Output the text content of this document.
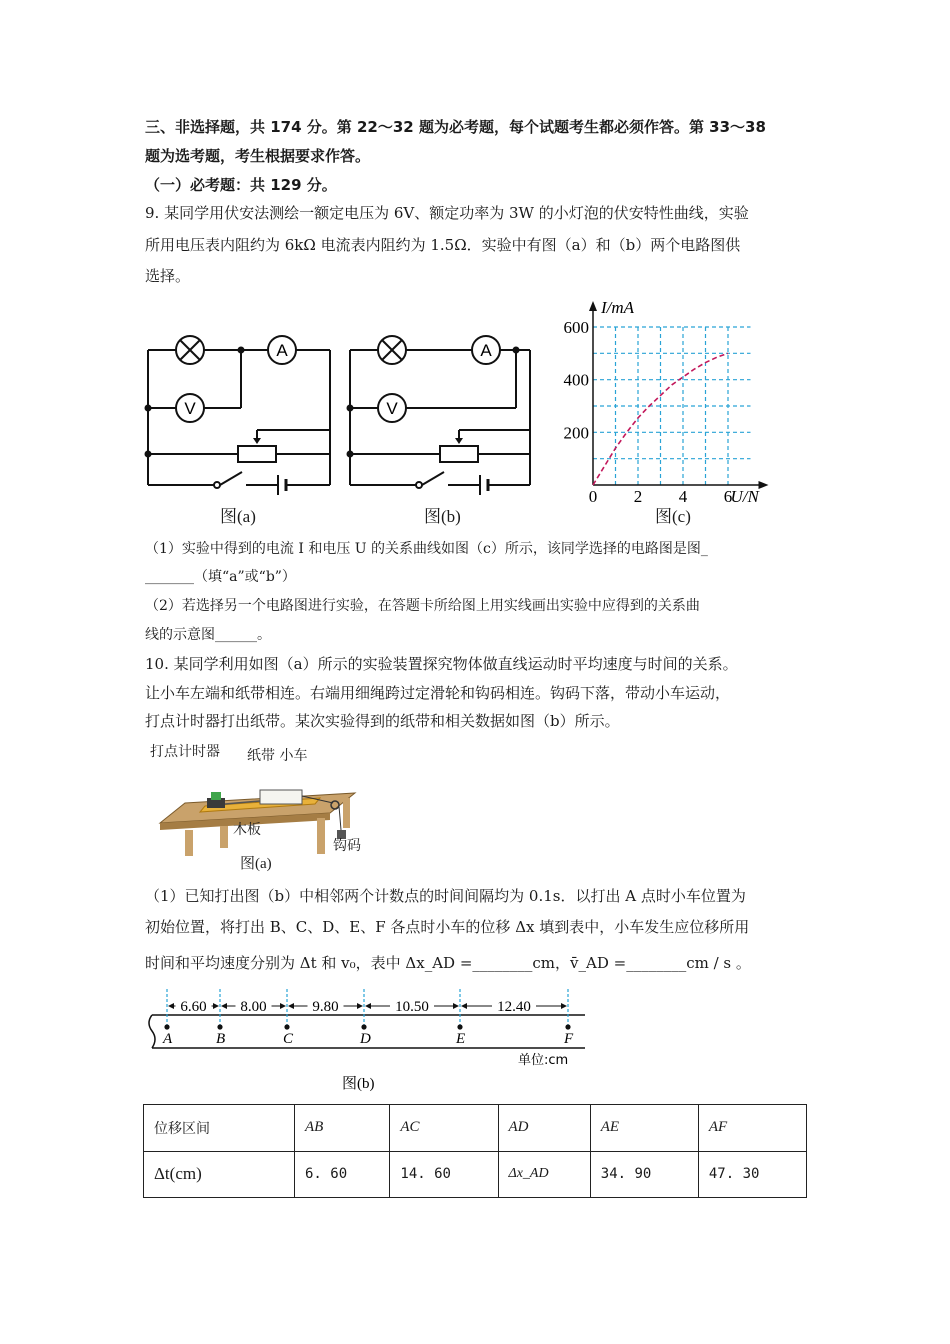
三、非选择题，共 174 分。第 22～32 题为必考题，每个试题考生都必须作答。第 33～38
题为选考题，考生根据要求作答。
（一）必考题：共 129 分。
9. 某同学用伏安法测绘一额定电压为 6V、额定功率为 3W 的小灯泡的伏安特性曲线，实验
所用电压表内阻约为 6kΩ 电流表内阻约为 1.5Ω．实验中有图（a）和（b）两个电路图供
选择。
A
V
图(a)
A
V
图(b)
I/mA
U/N
0 2 4 6
200
400
600
图(c)
（1）实验中得到的电流 I 和电压 U 的关系曲线如图（c）所示，该同学选择的电路图是图_
_______（填“a”或“b”）
（2）若选择另一个电路图进行实验，在答题卡所给图上用实线画出实验中应得到的关系曲
线的示意图______。
10. 某同学利用如图（a）所示的实验装置探究物体做直线运动时平均速度与时间的关系。
让小车左端和纸带相连。右端用细绳跨过定滑轮和钩码相连。钩码下落，带动小车运动，
打点计时器打出纸带。某次实验得到的纸带和相关数据如图（b）所示。
打点计时器 纸带 小车
木板
钩码
图(a)
（1）已知打出图（b）中相邻两个计数点的时间间隔均为 0.1s．以打出 A 点时小车位置为
初始位置，将打出 B、C、D、E、F 各点时小车的位移 Δx 填到表中，小车发生应位移所用
时间和平均速度分别为 Δt 和 v₀，表中 Δx_AD =________cm，v̄_AD =________cm / s 。
A	B	C	D	E	F
6.60 8.00	9.80	10.50	12.40
单位:cm
图(b)
位移区间	AB	AC	AD	AE	AF
Δt(cm)	6. 60	14. 60	Δx_AD	34. 90	47. 30
